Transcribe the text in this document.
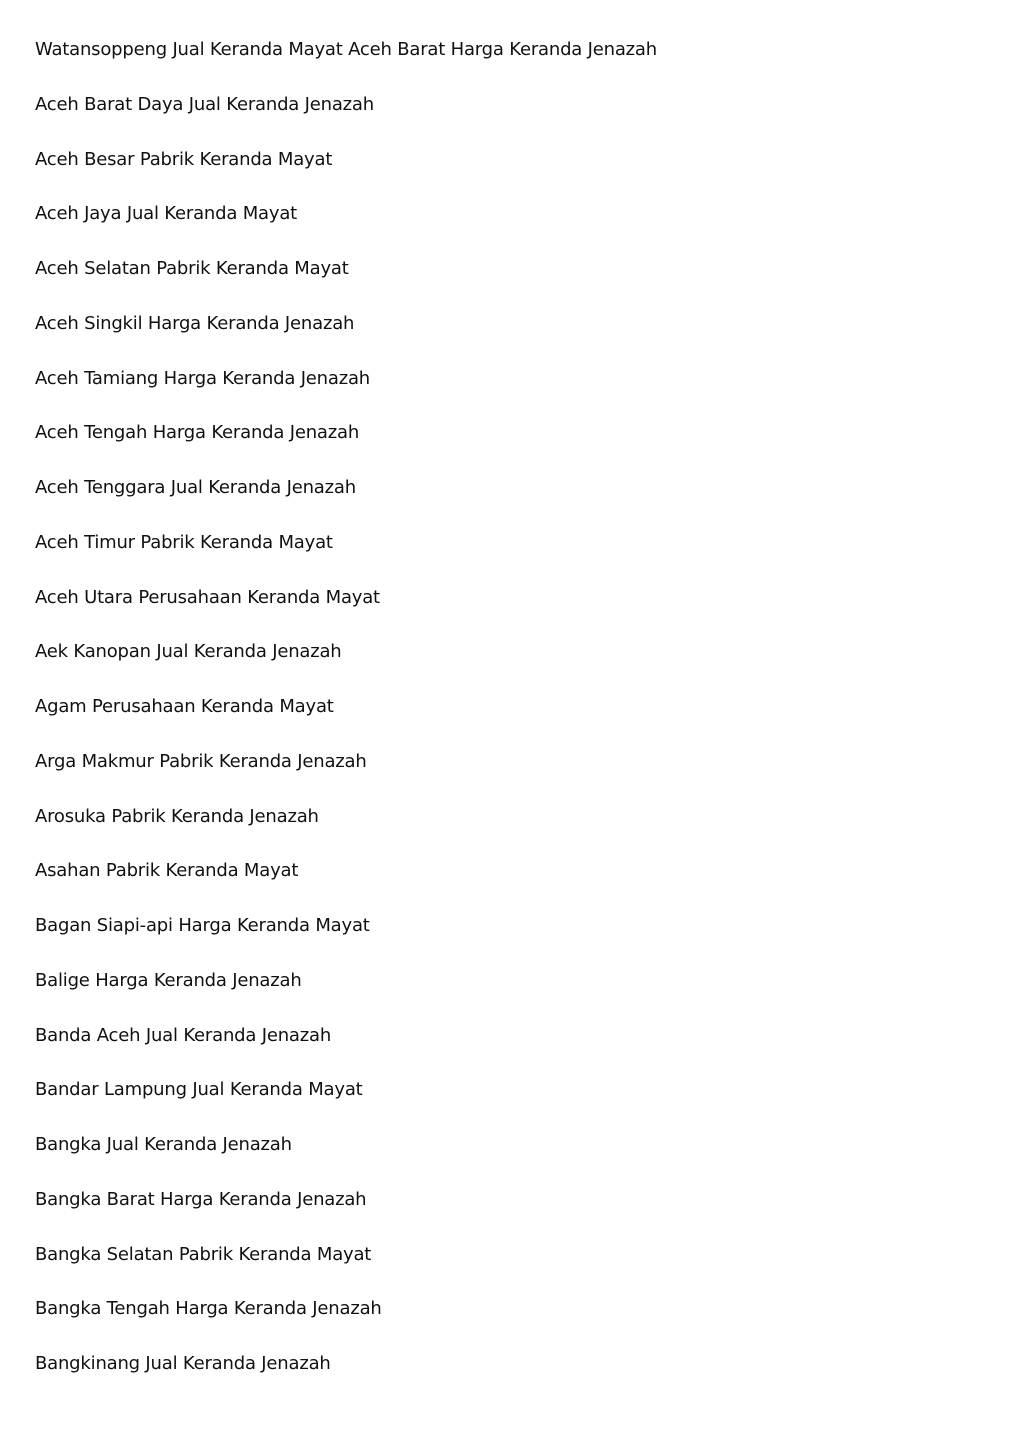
Watansoppeng Jual Keranda Mayat Aceh Barat Harga Keranda Jenazah
Aceh Barat Daya Jual Keranda Jenazah
Aceh Besar Pabrik Keranda Mayat
Aceh Jaya Jual Keranda Mayat
Aceh Selatan Pabrik Keranda Mayat
Aceh Singkil Harga Keranda Jenazah
Aceh Tamiang Harga Keranda Jenazah
Aceh Tengah Harga Keranda Jenazah
Aceh Tenggara Jual Keranda Jenazah
Aceh Timur Pabrik Keranda Mayat
Aceh Utara Perusahaan Keranda Mayat
Aek Kanopan Jual Keranda Jenazah
Agam Perusahaan Keranda Mayat
Arga Makmur Pabrik Keranda Jenazah
Arosuka Pabrik Keranda Jenazah
Asahan Pabrik Keranda Mayat
Bagan Siapi-api Harga Keranda Mayat
Balige Harga Keranda Jenazah
Banda Aceh Jual Keranda Jenazah
Bandar Lampung Jual Keranda Mayat
Bangka Jual Keranda Jenazah
Bangka Barat Harga Keranda Jenazah
Bangka Selatan Pabrik Keranda Mayat
Bangka Tengah Harga Keranda Jenazah
Bangkinang Jual Keranda Jenazah
